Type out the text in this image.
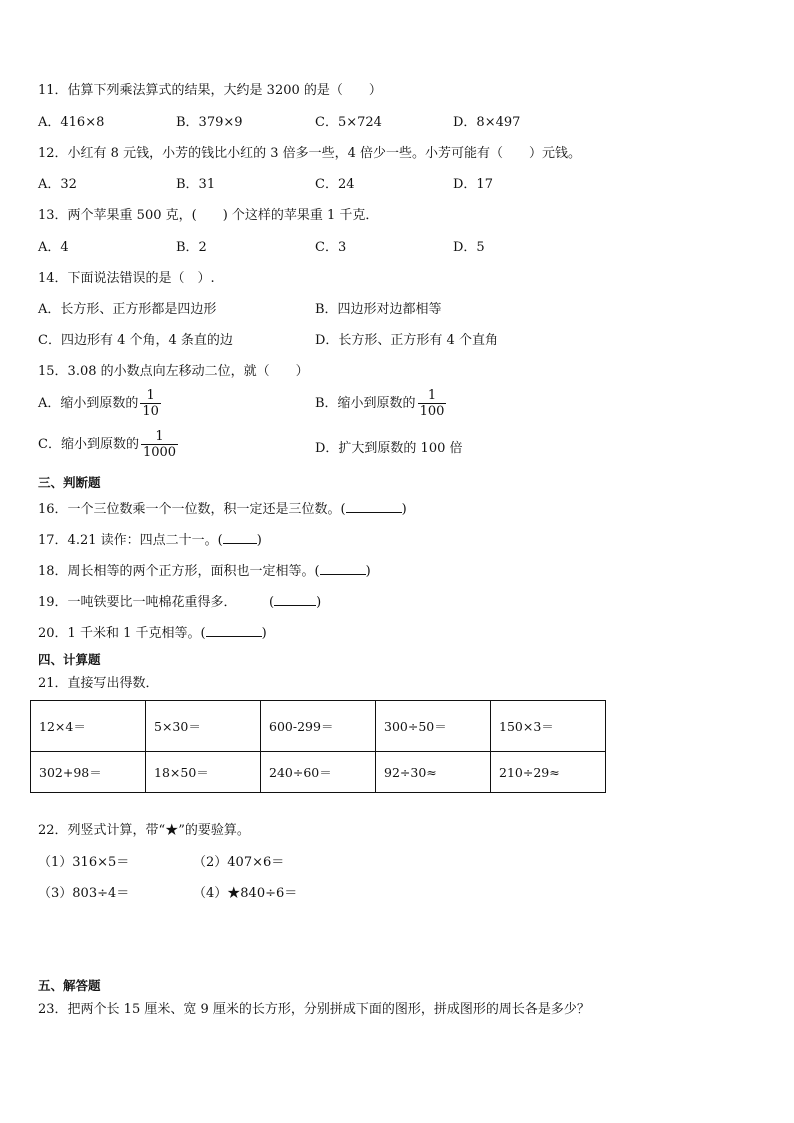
11．估算下列乘法算式的结果，大约是 3200 的是（　　）
A．416×8	B．379×9	C．5×724	D．8×497
12．小红有 8 元钱，小芳的钱比小红的 3 倍多一些，4 倍少一些。小芳可能有（　　）元钱。
A．32	B．31	C．24	D．17
13．两个苹果重 500 克，(　　) 个这样的苹果重 1 千克．
A．4	B．2	C．3	D．5
14．下面说法错误的是（　）.
A．长方形、正方形都是四边形	B．四边形对边都相等
C．四边形有 4 个角，4 条直的边	D．长方形、正方形有 4 个直角
15．3.08 的小数点向左移动二位，就（　　）
A．缩小到原数的 $\frac{1}{10}$	B．缩小到原数的 $\frac{1}{100}$
C．缩小到原数的 $\frac{1}{1000}$	D．扩大到原数的 100 倍
三、判断题
16．一个三位数乘一个一位数，积一定还是三位数。(	)
17．4.21 读作：四点二十一。(	)
18．周长相等的两个正方形，面积也一定相等。(	)
19．一吨铁要比一吨棉花重得多．　　　(	)
20．1 千米和 1 千克相等。(	)
四、计算题
21．直接写出得数．
12×4＝	5×30＝	600-299＝	300÷50＝	150×3＝
302+98＝	18×50＝	240÷60＝	92÷30≈	210÷29≈
22．列竖式计算，带“★”的要验算。
（1）316×5＝	（2）407×6＝
（3）803÷4＝	（4）★840÷6＝
五、解答题
23．把两个长 15 厘米、宽 9 厘米的长方形，分别拼成下面的图形，拼成图形的周长各是多少？
